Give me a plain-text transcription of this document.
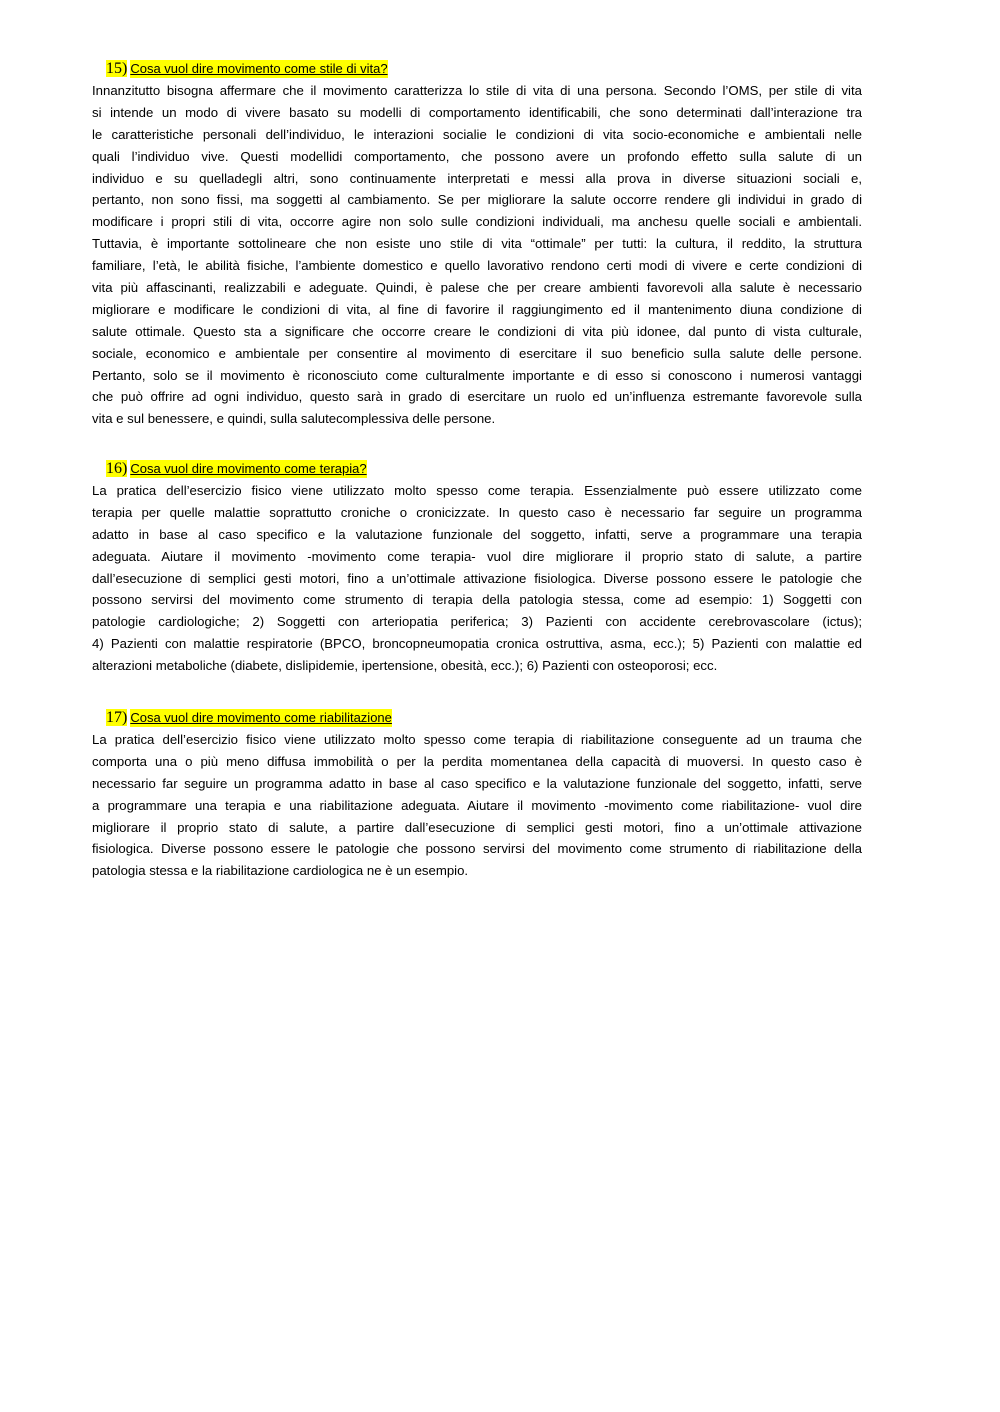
15) Cosa vuol dire movimento come stile di vita?
Innanzitutto bisogna affermare che il movimento caratterizza lo stile di vita di una persona. Secondo l’OMS, per stile di vita
si intende un modo di vivere basato su modelli di comportamento identificabili, che sono determinati dall’interazione tra
le caratteristiche personali dell’individuo, le interazioni socialie le condizioni di vita socio-economiche e ambientali nelle
quali l’individuo vive. Questi modellidi comportamento, che possono avere un profondo effetto sulla salute di un
individuo e su quelladegli altri, sono continuamente interpretati e messi alla prova in diverse situazioni sociali e,
pertanto, non sono fissi, ma soggetti al cambiamento. Se per migliorare la salute occorre rendere gli individui in grado di
modificare i propri stili di vita, occorre agire non solo sulle condizioni individuali, ma anchesu quelle sociali e ambientali.
Tuttavia, è importante sottolineare che non esiste uno stile di vita “ottimale” per tutti: la cultura, il reddito, la struttura
familiare, l’età, le abilità fisiche, l’ambiente domestico e quello lavorativo rendono certi modi di vivere e certe condizioni di
vita più affascinanti, realizzabili e adeguate. Quindi, è palese che per creare ambienti favorevoli alla salute è necessario
migliorare e modificare le condizioni di vita, al fine di favorire il raggiungimento ed il mantenimento diuna condizione di
salute ottimale. Questo sta a significare che occorre creare le condizioni di vita più idonee, dal punto di vista culturale,
sociale, economico e ambientale per consentire al movimento di esercitare il suo beneficio sulla salute delle persone.
Pertanto, solo se il movimento è riconosciuto come culturalmente importante e di esso si conoscono i numerosi vantaggi
che può offrire ad ogni individuo, questo sarà in grado di esercitare un ruolo ed un’influenza estremante favorevole sulla
vita e sul benessere, e quindi, sulla salutecomplessiva delle persone.
16) Cosa vuol dire movimento come terapia?
La pratica dell’esercizio fisico viene utilizzato molto spesso come terapia. Essenzialmente può essere utilizzato come
terapia per quelle malattie soprattutto croniche o cronicizzate. In questo caso è necessario far seguire un programma
adatto in base al caso specifico e la valutazione funzionale del soggetto, infatti, serve a programmare una terapia
adeguata. Aiutare il movimento -movimento come terapia- vuol dire migliorare il proprio stato di salute, a partire
dall’esecuzione di semplici gesti motori, fino a un’ottimale attivazione fisiologica. Diverse possono essere le patologie che
possono servirsi del movimento come strumento di terapia della patologia stessa, come ad esempio: 1) Soggetti con
patologie cardiologiche; 2) Soggetti con arteriopatia periferica; 3) Pazienti con accidente cerebrovascolare (ictus);
4) Pazienti con malattie respiratorie (BPCO, broncopneumopatia cronica ostruttiva, asma, ecc.); 5) Pazienti con malattie ed
alterazioni metaboliche (diabete, dislipidemie, ipertensione, obesità, ecc.); 6) Pazienti con osteoporosi; ecc.
17) Cosa vuol dire movimento come riabilitazione
La pratica dell’esercizio fisico viene utilizzato molto spesso come terapia di riabilitazione conseguente ad un trauma che
comporta una o più meno diffusa immobilità o per la perdita momentanea della capacità di muoversi. In questo caso è
necessario far seguire un programma adatto in base al caso specifico e la valutazione funzionale del soggetto, infatti, serve
a programmare una terapia e una riabilitazione adeguata. Aiutare il movimento -movimento come riabilitazione- vuol dire
migliorare il proprio stato di salute, a partire dall’esecuzione di semplici gesti motori, fino a un’ottimale attivazione
fisiologica. Diverse possono essere le patologie che possono servirsi del movimento come strumento di riabilitazione della
patologia stessa e la riabilitazione cardiologica ne è un esempio.
